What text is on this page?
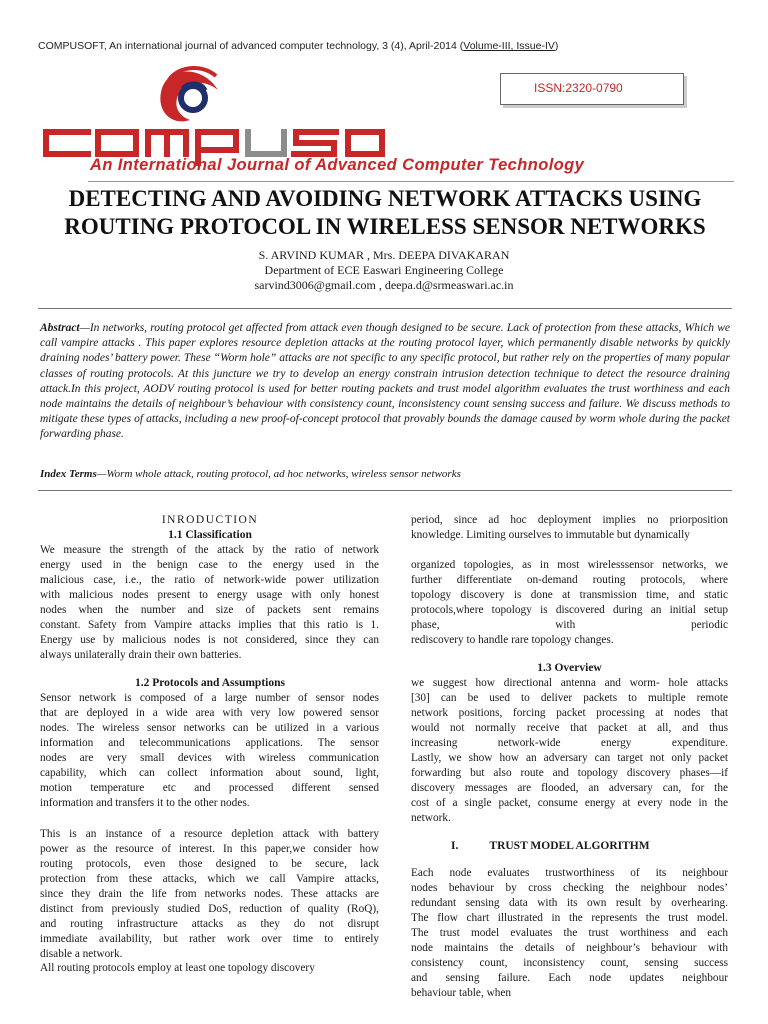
COMPUSOFT, An international journal of advanced computer technology, 3 (4), April-2014 (Volume-III, Issue-IV)
An International Journal of Advanced Computer Technology
ISSN:2320-0790
DETECTING AND AVOIDING NETWORK ATTACKS USING
ROUTING PROTOCOL IN WIRELESS SENSOR NETWORKS
S. ARVIND KUMAR , Mrs. DEEPA DIVAKARAN
Department of ECE Easwari Engineering College
sarvind3006@gmail.com , deepa.d@srmeaswari.ac.in
Abstract—In networks, routing protocol get affected from attack even though designed to be secure. Lack of protection from these attacks, Which we call vampire attacks . This paper explores resource depletion attacks at the routing protocol layer, which permanently disable networks by quickly draining nodes’ battery power. These “Worm hole” attacks are not specific to any specific protocol, but rather rely on the properties of many popular classes of routing protocols. At this juncture we try to develop an energy constrain intrusion detection technique to detect the resource draining attack.In this project, AODV routing protocol is used for better routing packets and trust model algorithm evaluates the trust worthiness and each node maintains the details of neighbour’s behaviour with consistency count, inconsistency count sensing success and failure. We discuss methods to mitigate these types of attacks, including a new proof-of-concept protocol that provably bounds the damage caused by worm whole during the packet forwarding phase.
Index Terms—Worm whole attack, routing protocol, ad hoc networks, wireless sensor networks
INRODUCTION
1.1 Classification
We measure the strength of the attack by the ratio of network
energy used in the benign case to the energy used in the
malicious case, i.e., the ratio of network-wide power utilization
with malicious nodes present to energy usage with only honest
nodes when the number and size of packets sent remains
constant. Safety from Vampire attacks implies that this ratio is 1.
Energy use by malicious nodes is not considered, since they can
always unilaterally drain their own batteries.
1.2 Protocols and Assumptions
Sensor network is composed of a large number of sensor nodes
that are deployed in a wide area with very low powered sensor
nodes. The wireless sensor networks can be utilized in a various
information and telecommunications applications. The sensor
nodes are very small devices with wireless communication
capability, which can collect information about sound, light,
motion temperature etc and processed different sensed
information and transfers it to the other nodes.
This is an instance of a resource depletion attack with battery
power as the resource of interest. In this paper,we consider how
routing protocols, even those designed to be secure, lack
protection from these attacks, which we call Vampire attacks,
since they drain the life from networks nodes. These attacks are
distinct from previously studied DoS, reduction of quality (RoQ),
and routing infrastructure attacks as they do not disrupt
immediate availability, but rather work over time to entirely
disable a network.
All routing protocols employ at least one topology discovery
period, since ad hoc deployment implies no priorposition
knowledge. Limiting ourselves to immutable but dynamically
organized topologies, as in most wirelesssensor networks, we
further differentiate on-demand routing protocols, where
topology discovery is done at transmission time, and static
protocols,where topology is discovered during an initial setup
phase, with periodic
rediscovery to handle rare topology changes.
1.3 Overview
we suggest how directional antenna and worm- hole attacks
[30] can be used to deliver packets to multiple remote
network positions, forcing packet processing at nodes that
would not normally receive that packet at all, and thus
increasing network-wide energy expenditure.
Lastly, we show how an adversary can target not only packet
forwarding but also route and topology discovery phases—if
discovery messages are flooded, an adversary can, for the
cost of a single packet, consume energy at every node in the
network.
I.	TRUST MODEL ALGORITHM
Each node evaluates trustworthiness of its neighbour
nodes behaviour by cross checking the neighbour nodes’
redundant sensing data with its own result by overhearing.
The flow chart illustrated in the represents the trust model.
The trust model evaluates the trust worthiness and each
node maintains the details of neighbour’s behaviour with
consistency count, inconsistency count, sensing success
and sensing failure. Each node updates neighbour
behaviour table, when
